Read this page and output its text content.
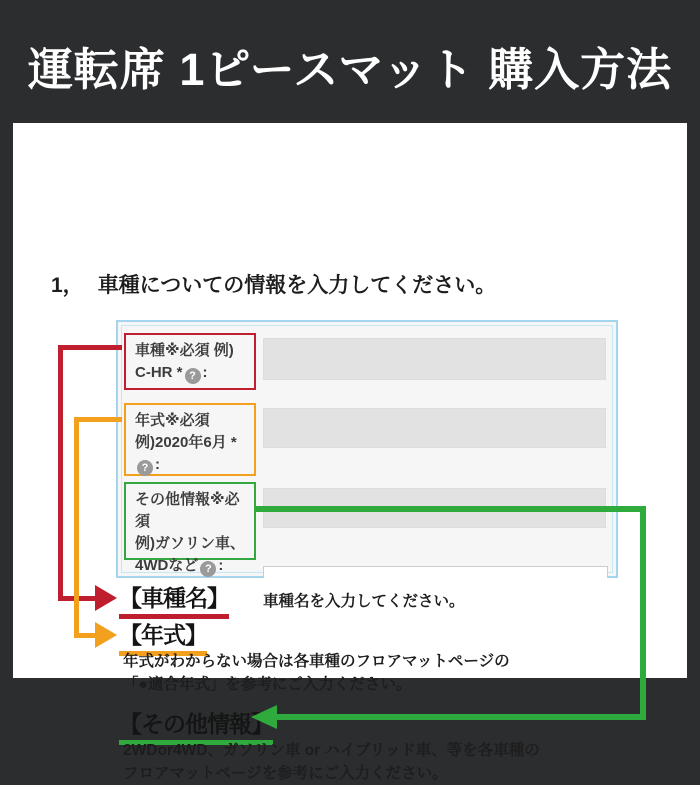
運転席 1ピースマット 購入方法
1， 車種についての情報を入力してください。
車種※必須 例)
C-HR * ? :
年式※必須
例)2020年6月 *
? :
その他情報※必須
例)ガソリン車、
4WDなど ? :
【車種名】 車種名を入力してください。
【年式】
年式がわからない場合は各車種のフロアマットページの
「●適合年式」を参考にご入力ください。
【その他情報】
2WDor4WD、ガソリン車 or ハイブリッド車、等を各車種の
フロアマットページを参考にご入力ください。
